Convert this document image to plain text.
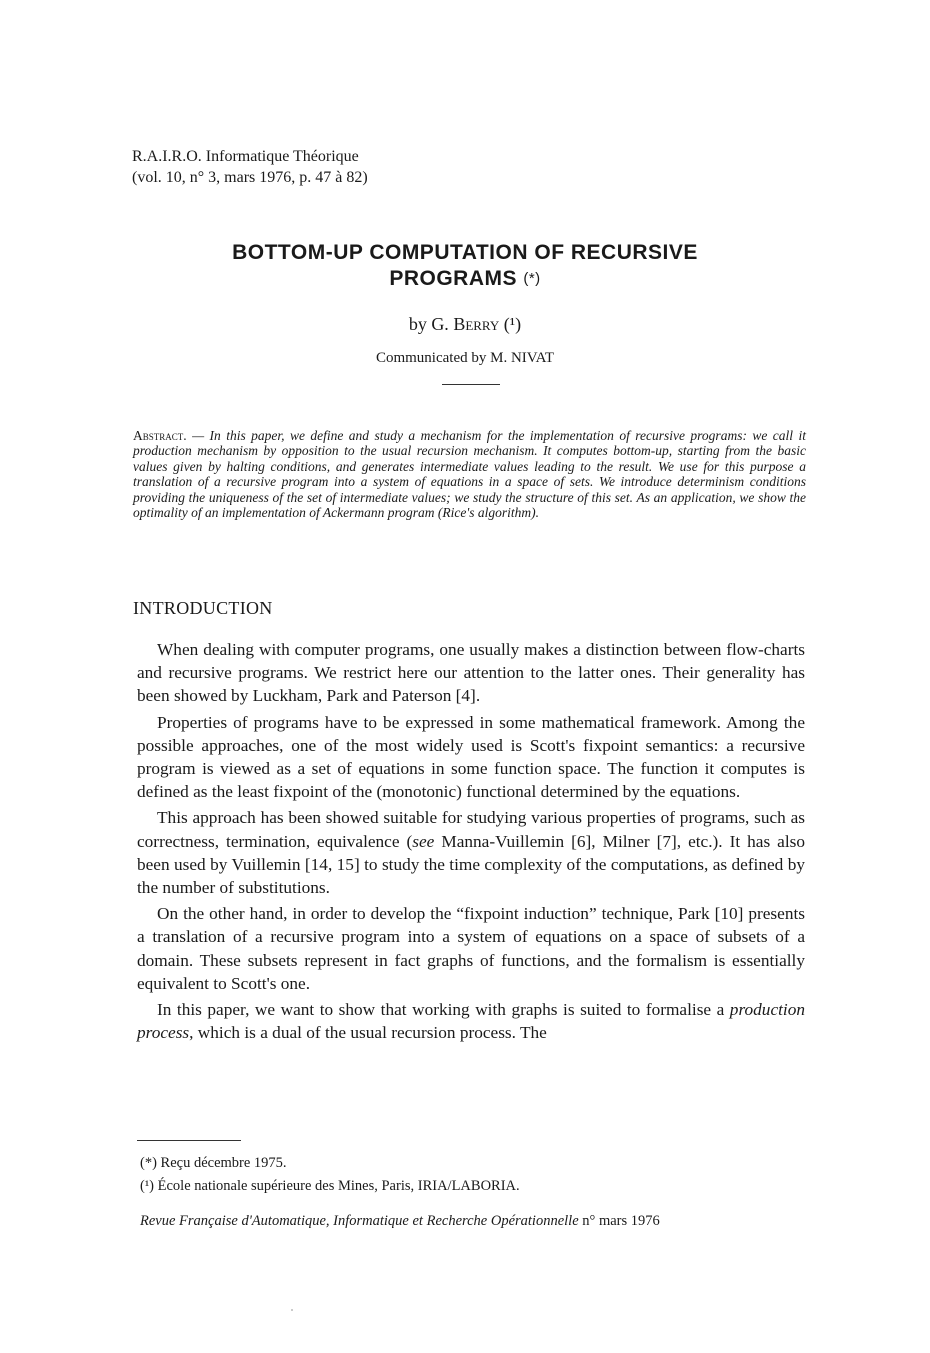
R.A.I.R.O. Informatique Théorique
(vol. 10, n° 3, mars 1976, p. 47 à 82)
BOTTOM-UP COMPUTATION OF RECURSIVE
PROGRAMS (*)
by G. Berry (¹)
Communicated by M. NIVAT
Abstract. — In this paper, we define and study a mechanism for the implementation of recursive programs: we call it production mechanism by opposition to the usual recursion mechanism. It computes bottom-up, starting from the basic values given by halting conditions, and generates intermediate values leading to the result. We use for this purpose a translation of a recursive program into a system of equations in a space of sets. We introduce determinism conditions providing the uniqueness of the set of intermediate values; we study the structure of this set. As an application, we show the optimality of an implementation of Ackermann program (Rice's algorithm).
INTRODUCTION

When dealing with computer programs, one usually makes a distinction between flow-charts and recursive programs. We restrict here our attention to the latter ones. Their generality has been showed by Luckham, Park and Paterson [4].

Properties of programs have to be expressed in some mathematical framework. Among the possible approaches, one of the most widely used is Scott's fixpoint semantics: a recursive program is viewed as a set of equations in some function space. The function it computes is defined as the least fixpoint of the (monotonic) functional determined by the equations.

This approach has been showed suitable for studying various properties of programs, such as correctness, termination, equivalence (see Manna-Vuillemin [6], Milner [7], etc.). It has also been used by Vuillemin [14, 15] to study the time complexity of the computations, as defined by the number of substitutions.

On the other hand, in order to develop the “fixpoint induction” technique, Park [10] presents a translation of a recursive program into a system of equations on a space of subsets of a domain. These subsets represent in fact graphs of functions, and the formalism is essentially equivalent to Scott's one.

In this paper, we want to show that working with graphs is suited to formalise a production process, which is a dual of the usual recursion process. The

(*) Reçu décembre 1975.
(¹) École nationale supérieure des Mines, Paris, IRIA/LABORIA.
Revue Française d'Automatique, Informatique et Recherche Opérationnelle n° mars 1976
